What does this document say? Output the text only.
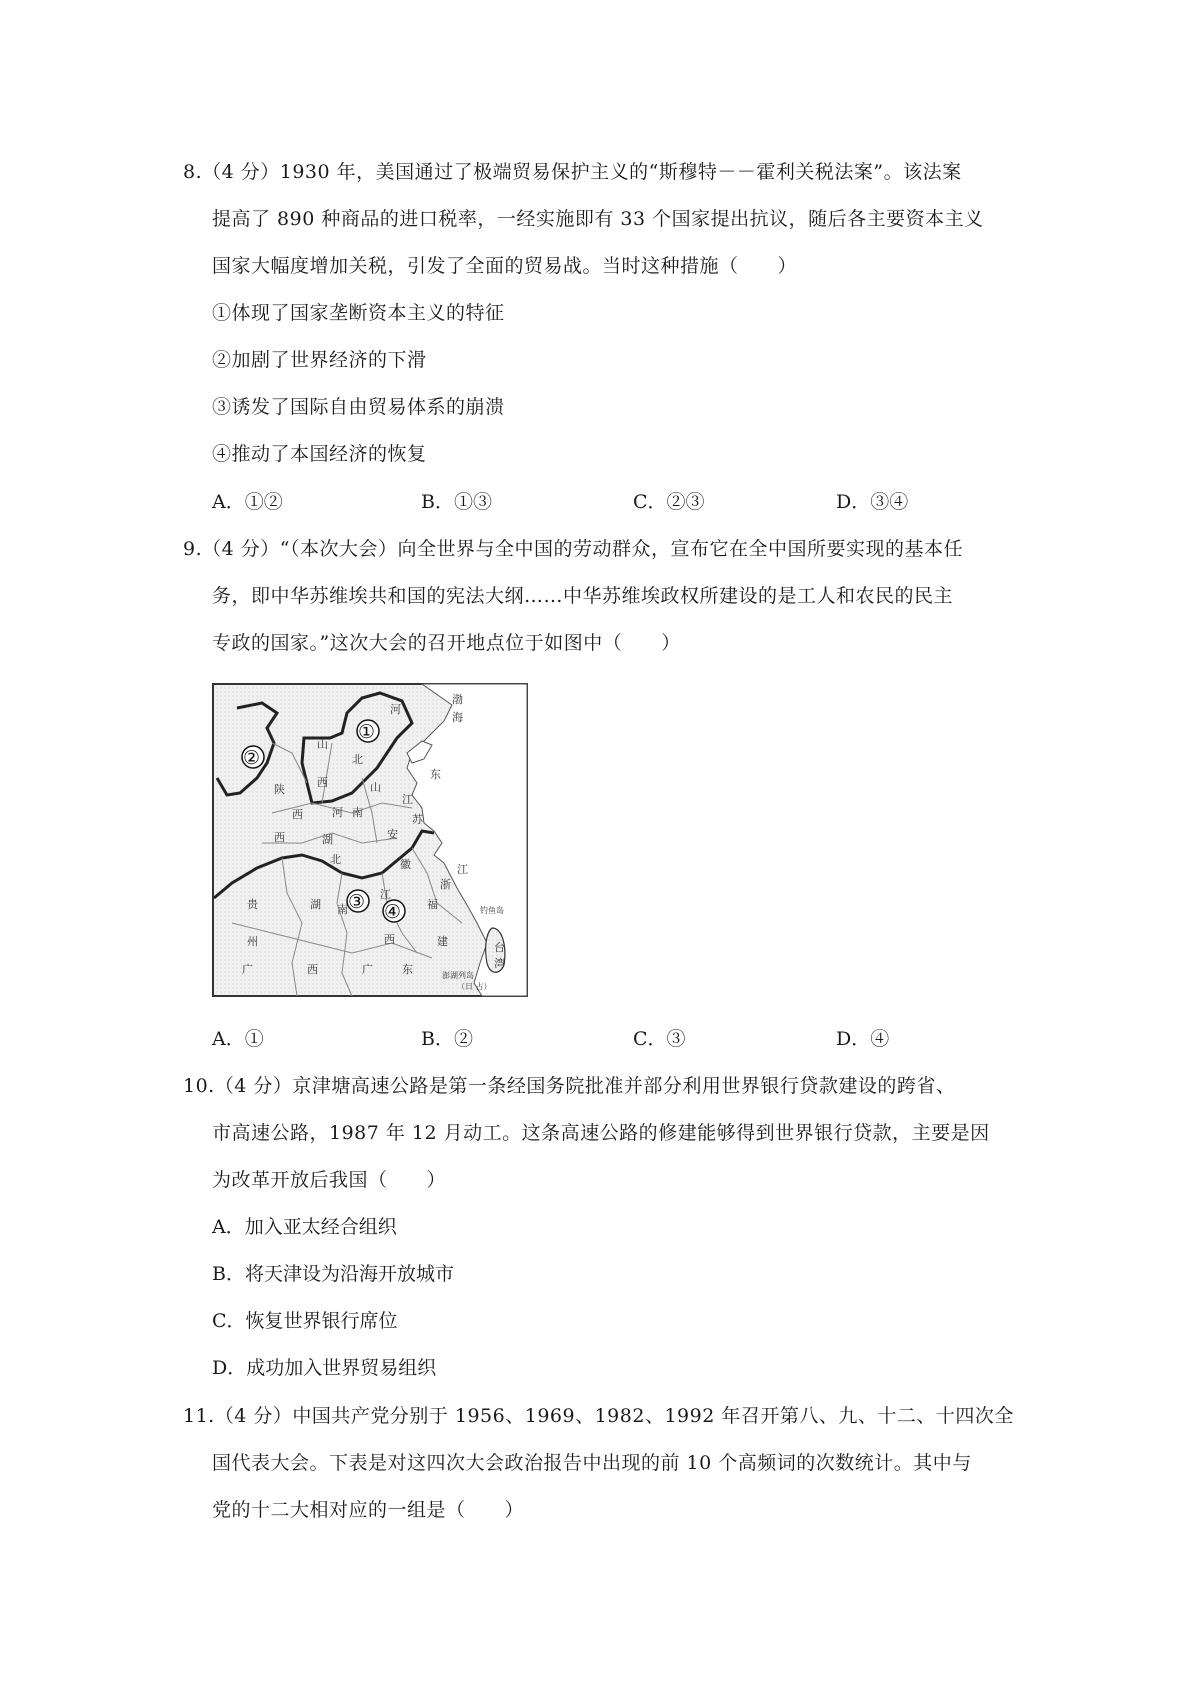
8.（4 分）1930 年，美国通过了极端贸易保护主义的“斯穆特－－霍利关税法案”。该法案
提高了 890 种商品的进口税率，一经实施即有 33 个国家提出抗议，随后各主要资本主义
国家大幅度增加关税，引发了全面的贸易战。当时这种措施（　　）
①体现了国家垄断资本主义的特征
②加剧了世界经济的下滑
③诱发了国际自由贸易体系的崩溃
④推动了本国经济的恢复
A．①②	B．①③	C．②③	D．③④
9.（4 分）“（本次大会）向全世界与全中国的劳动群众，宣布它在全中国所要实现的基本任
务，即中华苏维埃共和国的宪法大纲……中华苏维埃政权所建设的是工人和农民的民主
专政的国家。”这次大会的召开地点位于如图中（　　）
①
②
③ ④
山
西
陕
西
河
北
山
东
河 南
江
苏
安
徽
湖
北
浙
江
湖 南
江
西
福
建
贵
州
广	西	广	东
渤
海
西
台
湾
钓鱼岛
澎湖列岛
（日 占）
A．①	B．②	C．③	D．④
10.（4 分）京津塘高速公路是第一条经国务院批准并部分利用世界银行贷款建设的跨省、
市高速公路，1987 年 12 月动工。这条高速公路的修建能够得到世界银行贷款，主要是因
为改革开放后我国（　　）
A．加入亚太经合组织
B．将天津设为沿海开放城市
C．恢复世界银行席位
D．成功加入世界贸易组织
11.（4 分）中国共产党分别于 1956、1969、1982、1992 年召开第八、九、十二、十四次全
国代表大会。下表是对这四次大会政治报告中出现的前 10 个高频词的次数统计。其中与
党的十二大相对应的一组是（　　）
